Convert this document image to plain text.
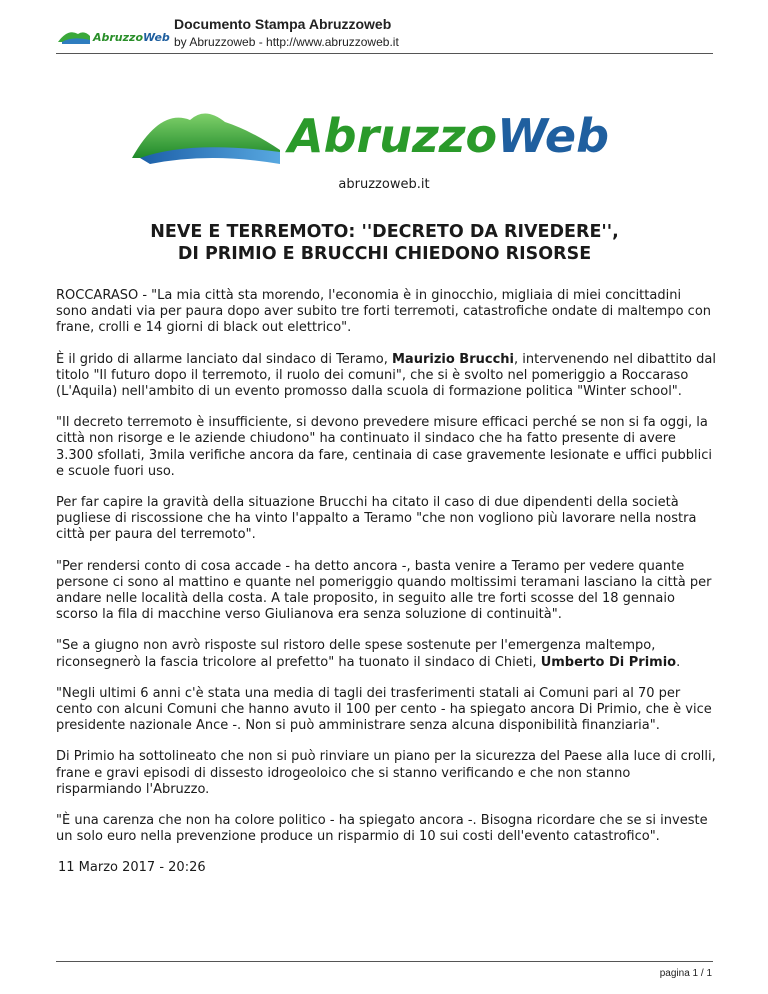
AbruzzoWeb
Documento Stampa Abruzzoweb
by Abruzzoweb - http://www.abruzzoweb.it
AbruzzoWeb
abruzzoweb.it
NEVE E TERREMOTO: ''DECRETO DA RIVEDERE'',
DI PRIMIO E BRUCCHI CHIEDONO RISORSE

ROCCARASO - "La mia città sta morendo, l'economia è in ginocchio, migliaia di miei concittadini sono andati via per paura dopo aver subito tre forti terremoti, catastrofiche ondate di maltempo con frane, crolli e 14 giorni di black out elettrico".

È il grido di allarme lanciato dal sindaco di Teramo, Maurizio Brucchi, intervenendo nel dibattito dal titolo "Il futuro dopo il terremoto, il ruolo dei comuni", che si è svolto nel pomeriggio a Roccaraso (L'Aquila) nell'ambito di un evento promosso dalla scuola di formazione politica "Winter school".

"Il decreto terremoto è insufficiente, si devono prevedere misure efficaci perché se non si fa oggi, la città non risorge e le aziende chiudono" ha continuato il sindaco che ha fatto presente di avere 3.300 sfollati, 3mila verifiche ancora da fare, centinaia di case gravemente lesionate e uffici pubblici e scuole fuori uso.

Per far capire la gravità della situazione Brucchi ha citato il caso di due dipendenti della società pugliese di riscossione che ha vinto l'appalto a Teramo "che non vogliono più lavorare nella nostra città per paura del terremoto".

"Per rendersi conto di cosa accade - ha detto ancora -, basta venire a Teramo per vedere quante persone ci sono al mattino e quante nel pomeriggio quando moltissimi teramani lasciano la città per andare nelle località della costa. A tale proposito, in seguito alle tre forti scosse del 18 gennaio scorso la fila di macchine verso Giulianova era senza soluzione di continuità".

"Se a giugno non avrò risposte sul ristoro delle spese sostenute per l'emergenza maltempo, riconsegnerò la fascia tricolore al prefetto" ha tuonato il sindaco di Chieti, Umberto Di Primio.

"Negli ultimi 6 anni c'è stata una media di tagli dei trasferimenti statali ai Comuni pari al 70 per cento con alcuni Comuni che hanno avuto il 100 per cento - ha spiegato ancora Di Primio, che è vice presidente nazionale Ance -. Non si può amministrare senza alcuna disponibilità finanziaria".

Di Primio ha sottolineato che non si può rinviare un piano per la sicurezza del Paese alla luce di crolli, frane e gravi episodi di dissesto idrogeoloico che si stanno verificando e che non stanno risparmiando l'Abruzzo.

"È una carenza che non ha colore politico - ha spiegato ancora -. Bisogna ricordare che se si investe un solo euro nella prevenzione produce un risparmio di 10 sui costi dell'evento catastrofico".

11 Marzo 2017 - 20:26
pagina 1 / 1
